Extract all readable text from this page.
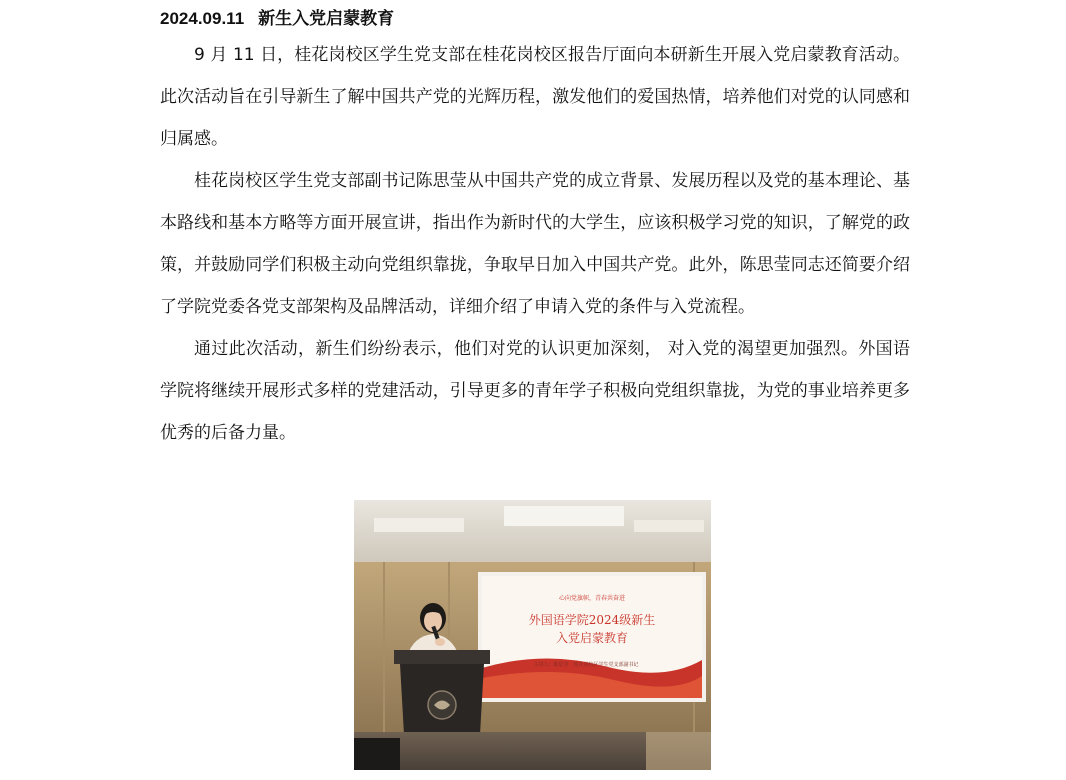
2024.09.11 新生入党启蒙教育

9 月 11 日，桂花岗校区学生党支部在桂花岗校区报告厅面向本研新生开展入党启蒙教育活动。此次活动旨在引导新生了解中国共产党的光辉历程，激发他们的爱国热情，培养他们对党的认同感和归属感。

桂花岗校区学生党支部副书记陈思莹从中国共产党的成立背景、发展历程以及党的基本理论、基本路线和基本方略等方面开展宣讲，指出作为新时代的大学生，应该积极学习党的知识，了解党的政策，并鼓励同学们积极主动向党组织靠拢，争取早日加入中国共产党。此外，陈思莹同志还简要介绍了学院党委各党支部架构及品牌活动，详细介绍了申请入党的条件与入党流程。

通过此次活动，新生们纷纷表示，他们对党的认识更加深刻， 对入党的渴望更加强烈。外国语学院将继续开展形式多样的党建活动，引导更多的青年学子积极向党组织靠拢，为党的事业培养更多优秀的后备力量。

心向党旗帜，青春共奋进
外国语学院2024级新生
入党启蒙教育
主讲人：陈思莹　桂花岗校区学生党支部副书记
